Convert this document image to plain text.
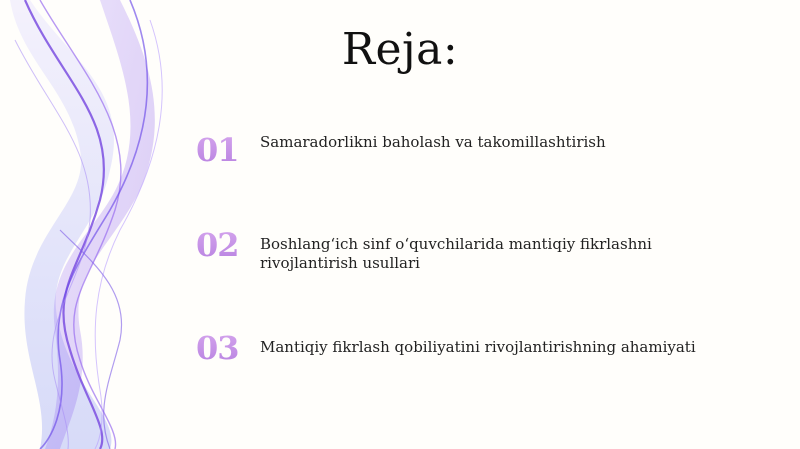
Reja:
01	Samaradorlikni baholash va takomillashtirish
02	Boshlang‘ich sinf o‘quvchilarida mantiqiy fikrlashni rivojlantirish usullari
03	Mantiqiy fikrlash qobiliyatini rivojlantirishning ahamiyati
